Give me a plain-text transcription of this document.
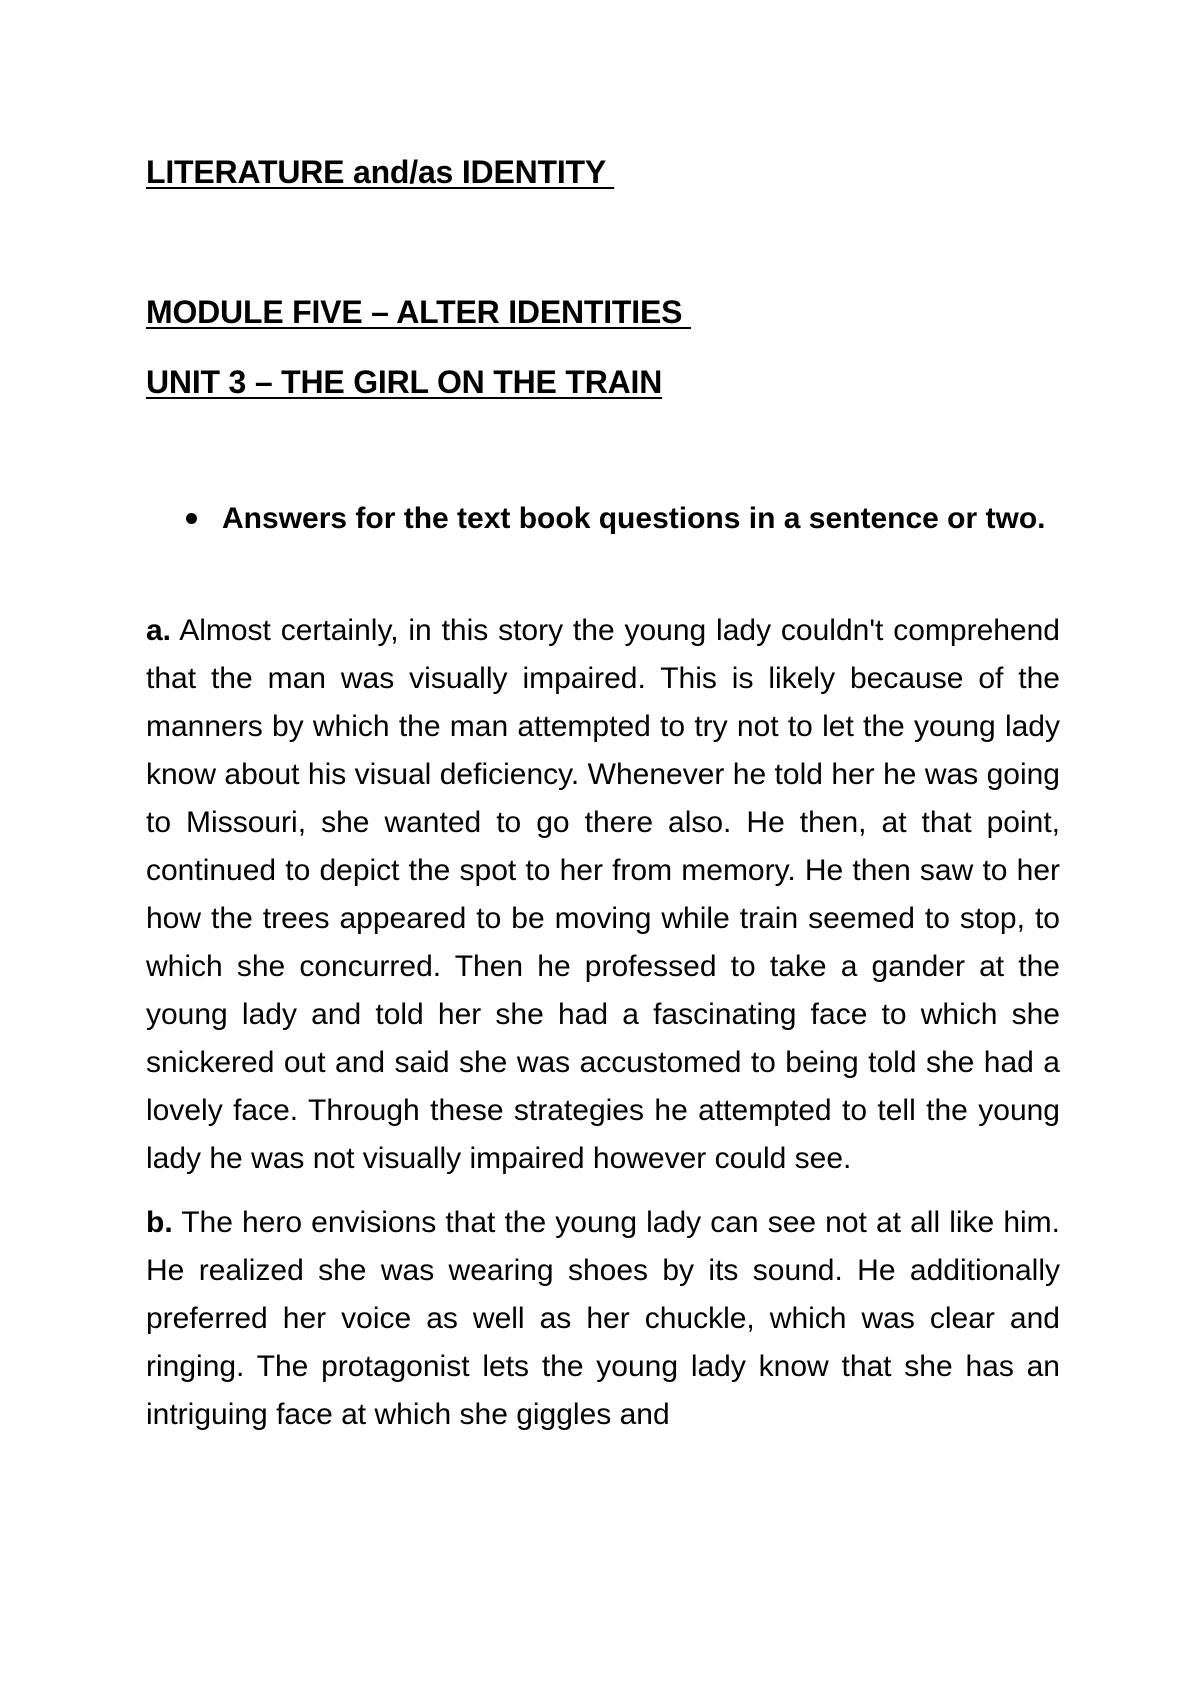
LITERATURE and/as IDENTITY
MODULE FIVE – ALTER IDENTITIES
UNIT 3 – THE GIRL ON THE TRAIN
Answers for the text book questions in a sentence or two.

a. Almost certainly, in this story the young lady couldn't comprehend that the man was visually impaired. This is likely because of the manners by which the man attempted to try not to let the young lady know about his visual deficiency. Whenever he told her he was going to Missouri, she wanted to go there also. He then, at that point, continued to depict the spot to her from memory. He then saw to her how the trees appeared to be moving while train seemed to stop, to which she concurred. Then he professed to take a gander at the young lady and told her she had a fascinating face to which she snickered out and said she was accustomed to being told she had a lovely face. Through these strategies he attempted to tell the young lady he was not visually impaired however could see.

b. The hero envisions that the young lady can see not at all like him. He realized she was wearing shoes by its sound. He additionally preferred her voice as well as her chuckle, which was clear and ringing. The protagonist lets the young lady know that she has an intriguing face at which she giggles and
